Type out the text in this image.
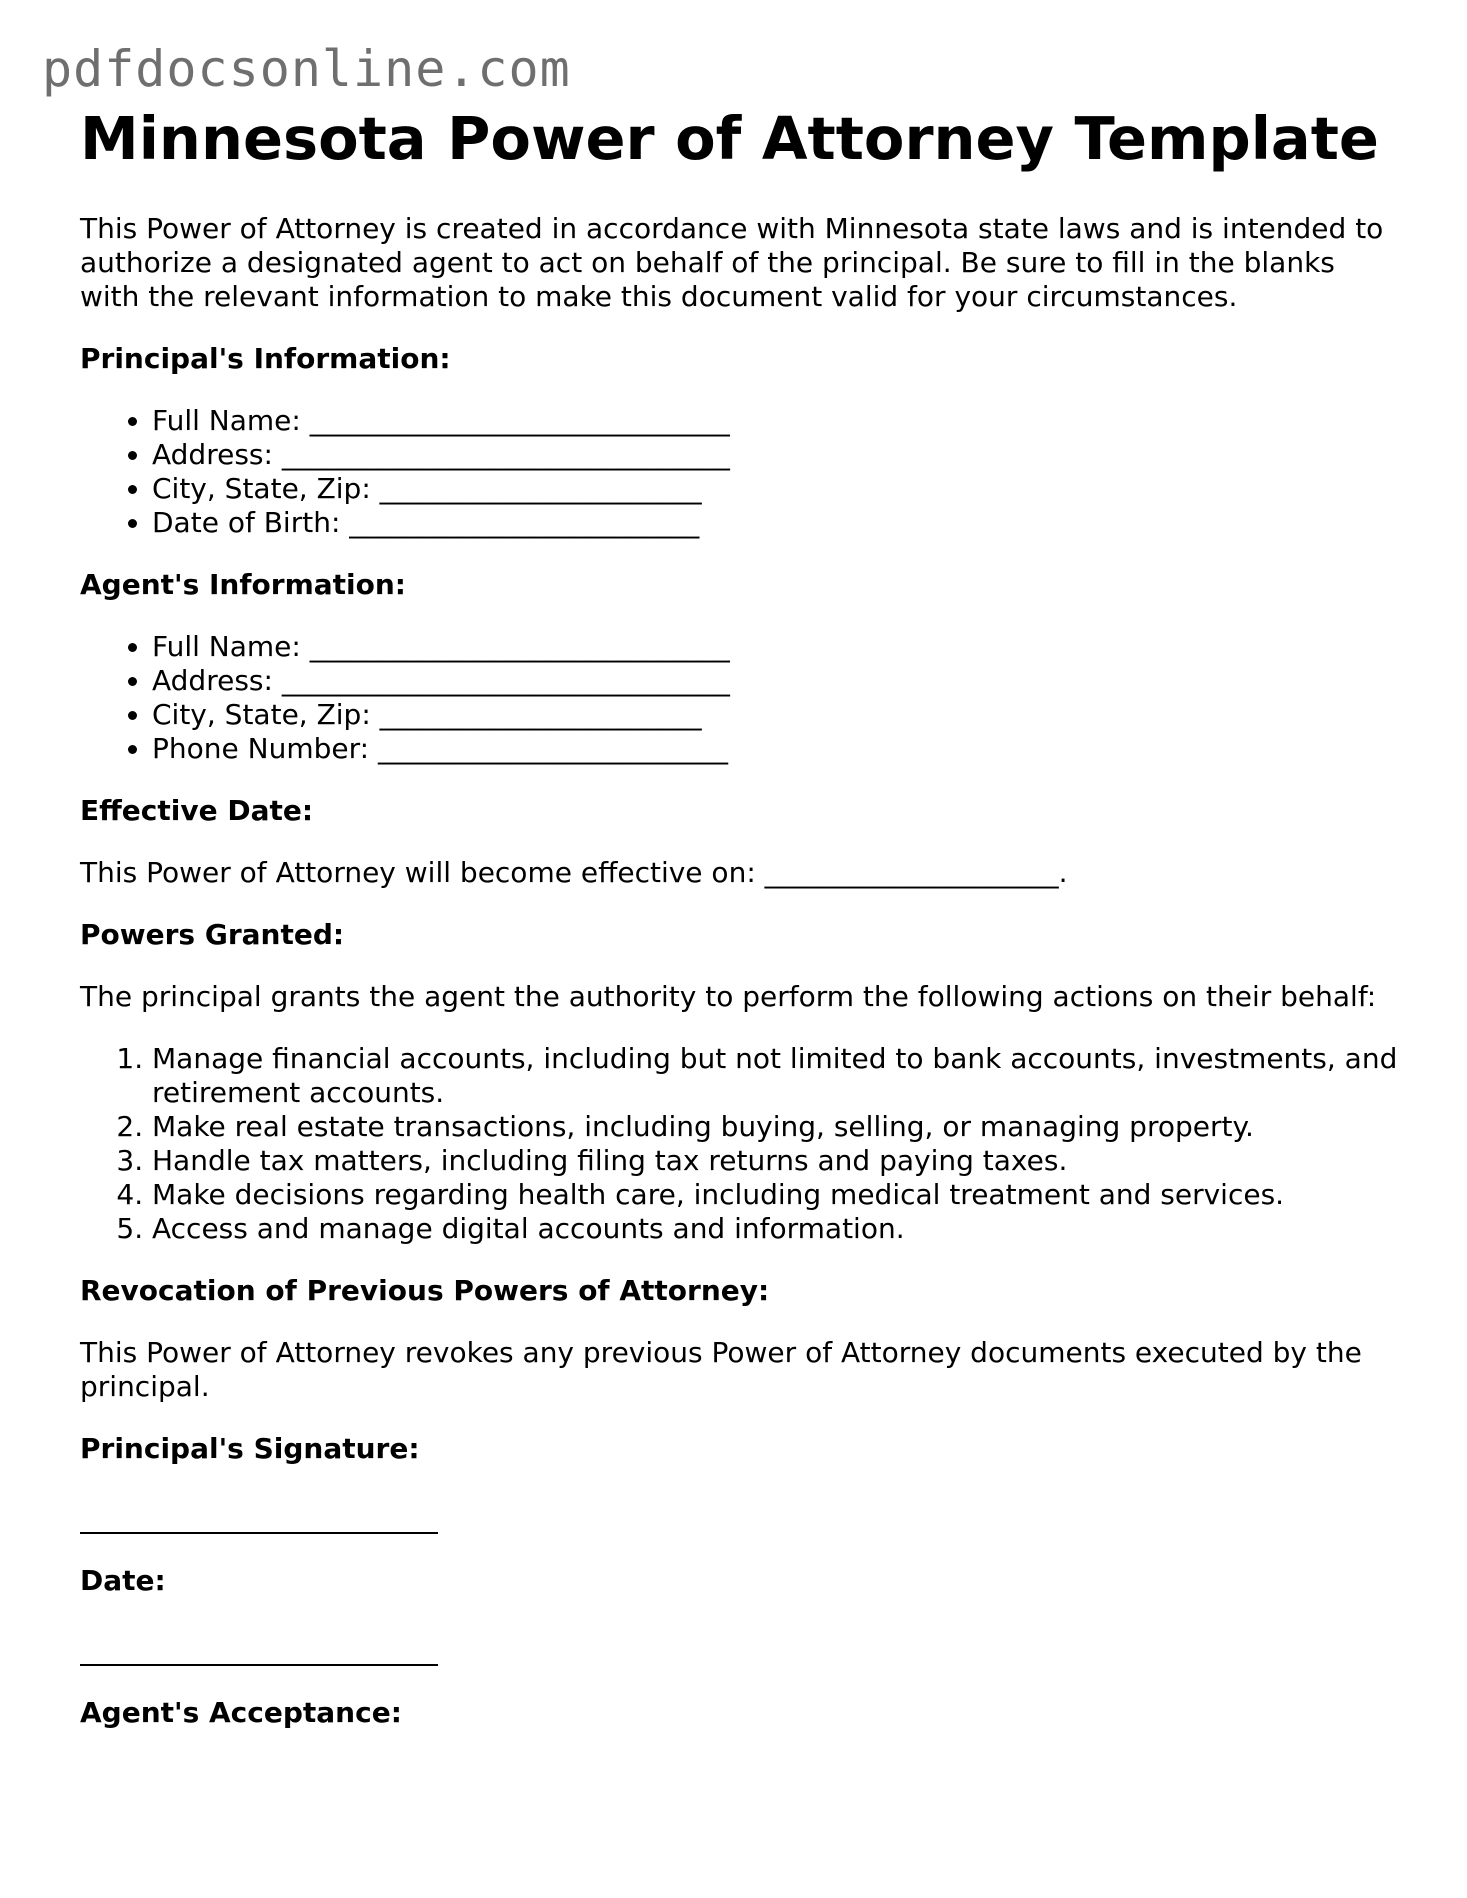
pdfdocsonline.com
Minnesota Power of Attorney Template

This Power of Attorney is created in accordance with Minnesota state laws and is intended to authorize a designated agent to act on behalf of the principal. Be sure to fill in the blanks with the relevant information to make this document valid for your circumstances.

Principal's Information:

• Full Name: ______________________________
• Address: ________________________________
• City, State, Zip: _______________________
• Date of Birth: _________________________

Agent's Information:

• Full Name: ______________________________
• Address: ________________________________
• City, State, Zip: _______________________
• Phone Number: _________________________

Effective Date:

This Power of Attorney will become effective on: _____________________.

Powers Granted:

The principal grants the agent the authority to perform the following actions on their behalf:

1. Manage financial accounts, including but not limited to bank accounts, investments, and retirement accounts.
2. Make real estate transactions, including buying, selling, or managing property.
3. Handle tax matters, including filing tax returns and paying taxes.
4. Make decisions regarding health care, including medical treatment and services.
5. Access and manage digital accounts and information.

Revocation of Previous Powers of Attorney:

This Power of Attorney revokes any previous Power of Attorney documents executed by the principal.

Principal's Signature:

Date:

Agent's Acceptance:
